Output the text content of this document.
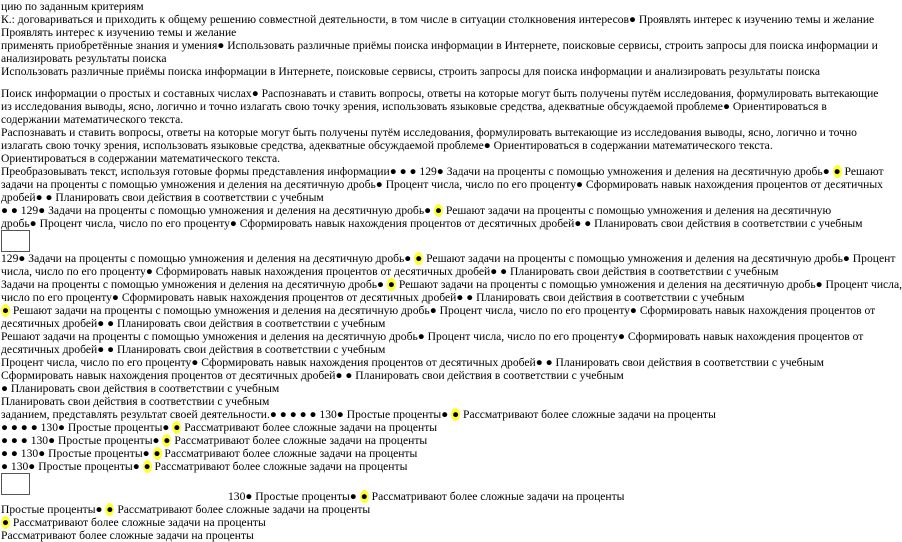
цию по заданным критериям
К.: договариваться и приходить к общему решению совместной деятельности, в том числе в ситуации столкновения интересов● Проявлять интерес к изучению темы и желание
Проявлять интерес к изучению темы и желание
применять приобретённые знания и умения● Использовать различные приёмы поиска информации в Интернете, поисковые сервисы, строить запросы для поиска информации и
анализировать результаты поиска
Использовать различные приёмы поиска информации в Интернете, поисковые сервисы, строить запросы для поиска информации и анализировать результаты поиска
Поиск информации о простых и составных числах● Распознавать и ставить вопросы, ответы на которые могут быть получены путём исследования, формулировать вытекающие
из исследования выводы, ясно, логично и точно излагать свою точку зрения, использовать языковые средства, адекватные обсуждаемой проблеме● Ориентироваться в
содержании математического текста.
Распознавать и ставить вопросы, ответы на которые могут быть получены путём исследования, формулировать вытекающие из исследования выводы, ясно, логично и точно
излагать свою точку зрения, использовать языковые средства, адекватные обсуждаемой проблеме● Ориентироваться в содержании математического текста.
Ориентироваться в содержании математического текста.
Преобразовывать текст, используя готовые формы представления информации● ● ● 129● Задачи на проценты с помощью умножения и деления на десятичную дробь● ● Решают
задачи на проценты с помощью умножения и деления на десятичную дробь● Процент числа, число по его проценту● Сформировать навык нахождения процентов от десятичных
дробей● ● Планировать свои действия в соответствии с учебным
● ● 129● Задачи на проценты с помощью умножения и деления на десятичную дробь● ● Решают задачи на проценты с помощью умножения и деления на десятичную
дробь● Процент числа, число по его проценту● Сформировать навык нахождения процентов от десятичных дробей● ● Планировать свои действия в соответствии с учебным
129● Задачи на проценты с помощью умножения и деления на десятичную дробь● ● Решают задачи на проценты с помощью умножения и деления на десятичную дробь● Процент
числа, число по его проценту● Сформировать навык нахождения процентов от десятичных дробей● ● Планировать свои действия в соответствии с учебным
Задачи на проценты с помощью умножения и деления на десятичную дробь● ● Решают задачи на проценты с помощью умножения и деления на десятичную дробь● Процент числа,
число по его проценту● Сформировать навык нахождения процентов от десятичных дробей● ● Планировать свои действия в соответствии с учебным
● Решают задачи на проценты с помощью умножения и деления на десятичную дробь● Процент числа, число по его проценту● Сформировать навык нахождения процентов от
десятичных дробей● ● Планировать свои действия в соответствии с учебным
Решают задачи на проценты с помощью умножения и деления на десятичную дробь● Процент числа, число по его проценту● Сформировать навык нахождения процентов от
десятичных дробей● ● Планировать свои действия в соответствии с учебным
Процент числа, число по его проценту● Сформировать навык нахождения процентов от десятичных дробей● ● Планировать свои действия в соответствии с учебным
Сформировать навык нахождения процентов от десятичных дробей● ● Планировать свои действия в соответствии с учебным
● Планировать свои действия в соответствии с учебным
Планировать свои действия в соответствии с учебным
заданием, представлять результат своей деятельности.● ● ● ● ● 130● Простые проценты● ● Рассматривают более сложные задачи на проценты
● ● ● ● 130● Простые проценты● ● Рассматривают более сложные задачи на проценты
● ● ● 130● Простые проценты● ● Рассматривают более сложные задачи на проценты
● ● 130● Простые проценты● ● Рассматривают более сложные задачи на проценты
● 130● Простые проценты● ● Рассматривают более сложные задачи на проценты
130● Простые проценты● ● Рассматривают более сложные задачи на проценты
Простые проценты● ● Рассматривают более сложные задачи на проценты
● Рассматривают более сложные задачи на проценты
Рассматривают более сложные задачи на проценты
